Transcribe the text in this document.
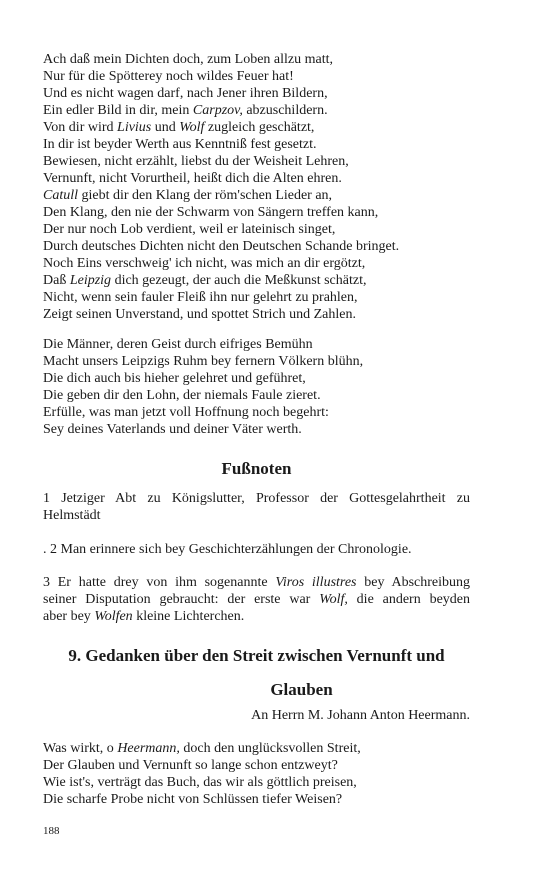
Ach daß mein Dichten doch, zum Loben allzu matt,
Nur für die Spötterey noch wildes Feuer hat!
Und es nicht wagen darf, nach Jener ihren Bildern,
Ein edler Bild in dir, mein Carpzov, abzuschildern.
Von dir wird Livius und Wolf zugleich geschätzt,
In dir ist beyder Werth aus Kenntniß fest gesetzt.
Bewiesen, nicht erzählt, liebst du der Weisheit Lehren,
Vernunft, nicht Vorurtheil, heißt dich die Alten ehren.
Catull giebt dir den Klang der röm'schen Lieder an,
Den Klang, den nie der Schwarm von Sängern treffen kann,
Der nur noch Lob verdient, weil er lateinisch singet,
Durch deutsches Dichten nicht den Deutschen Schande bringet.
Noch Eins verschweig' ich nicht, was mich an dir ergötzt,
Daß Leipzig dich gezeugt, der auch die Meßkunst schätzt,
Nicht, wenn sein fauler Fleiß ihn nur gelehrt zu prahlen,
Zeigt seinen Unverstand, und spottet Strich und Zahlen.
Die Männer, deren Geist durch eifriges Bemühn
Macht unsers Leipzigs Ruhm bey fernern Völkern blühn,
Die dich auch bis hieher gelehret und geführet,
Die geben dir den Lohn, der niemals Faule zieret.
Erfülle, was man jetzt voll Hoffnung noch begehrt:
Sey deines Vaterlands und deiner Väter werth.
Fußnoten
1 Jetziger Abt zu Königslutter, Professor der Gottesgelahrtheit zu
Helmstädt
. 2 Man erinnere sich bey Geschichterzählungen der Chronologie.
3 Er hatte drey von ihm sogenannte Viros illustres bey Abschreibung
seiner Disputation gebraucht: der erste war Wolf, die andern beyden
aber bey Wolfen kleine Lichterchen.
9. Gedanken über den Streit zwischen Vernunft und
Glauben
An Herrn M. Johann Anton Heermann.
Was wirkt, o Heermann, doch den unglücksvollen Streit,
Der Glauben und Vernunft so lange schon entzweyt?
Wie ist's, verträgt das Buch, das wir als göttlich preisen,
Die scharfe Probe nicht von Schlüssen tiefer Weisen?
188
